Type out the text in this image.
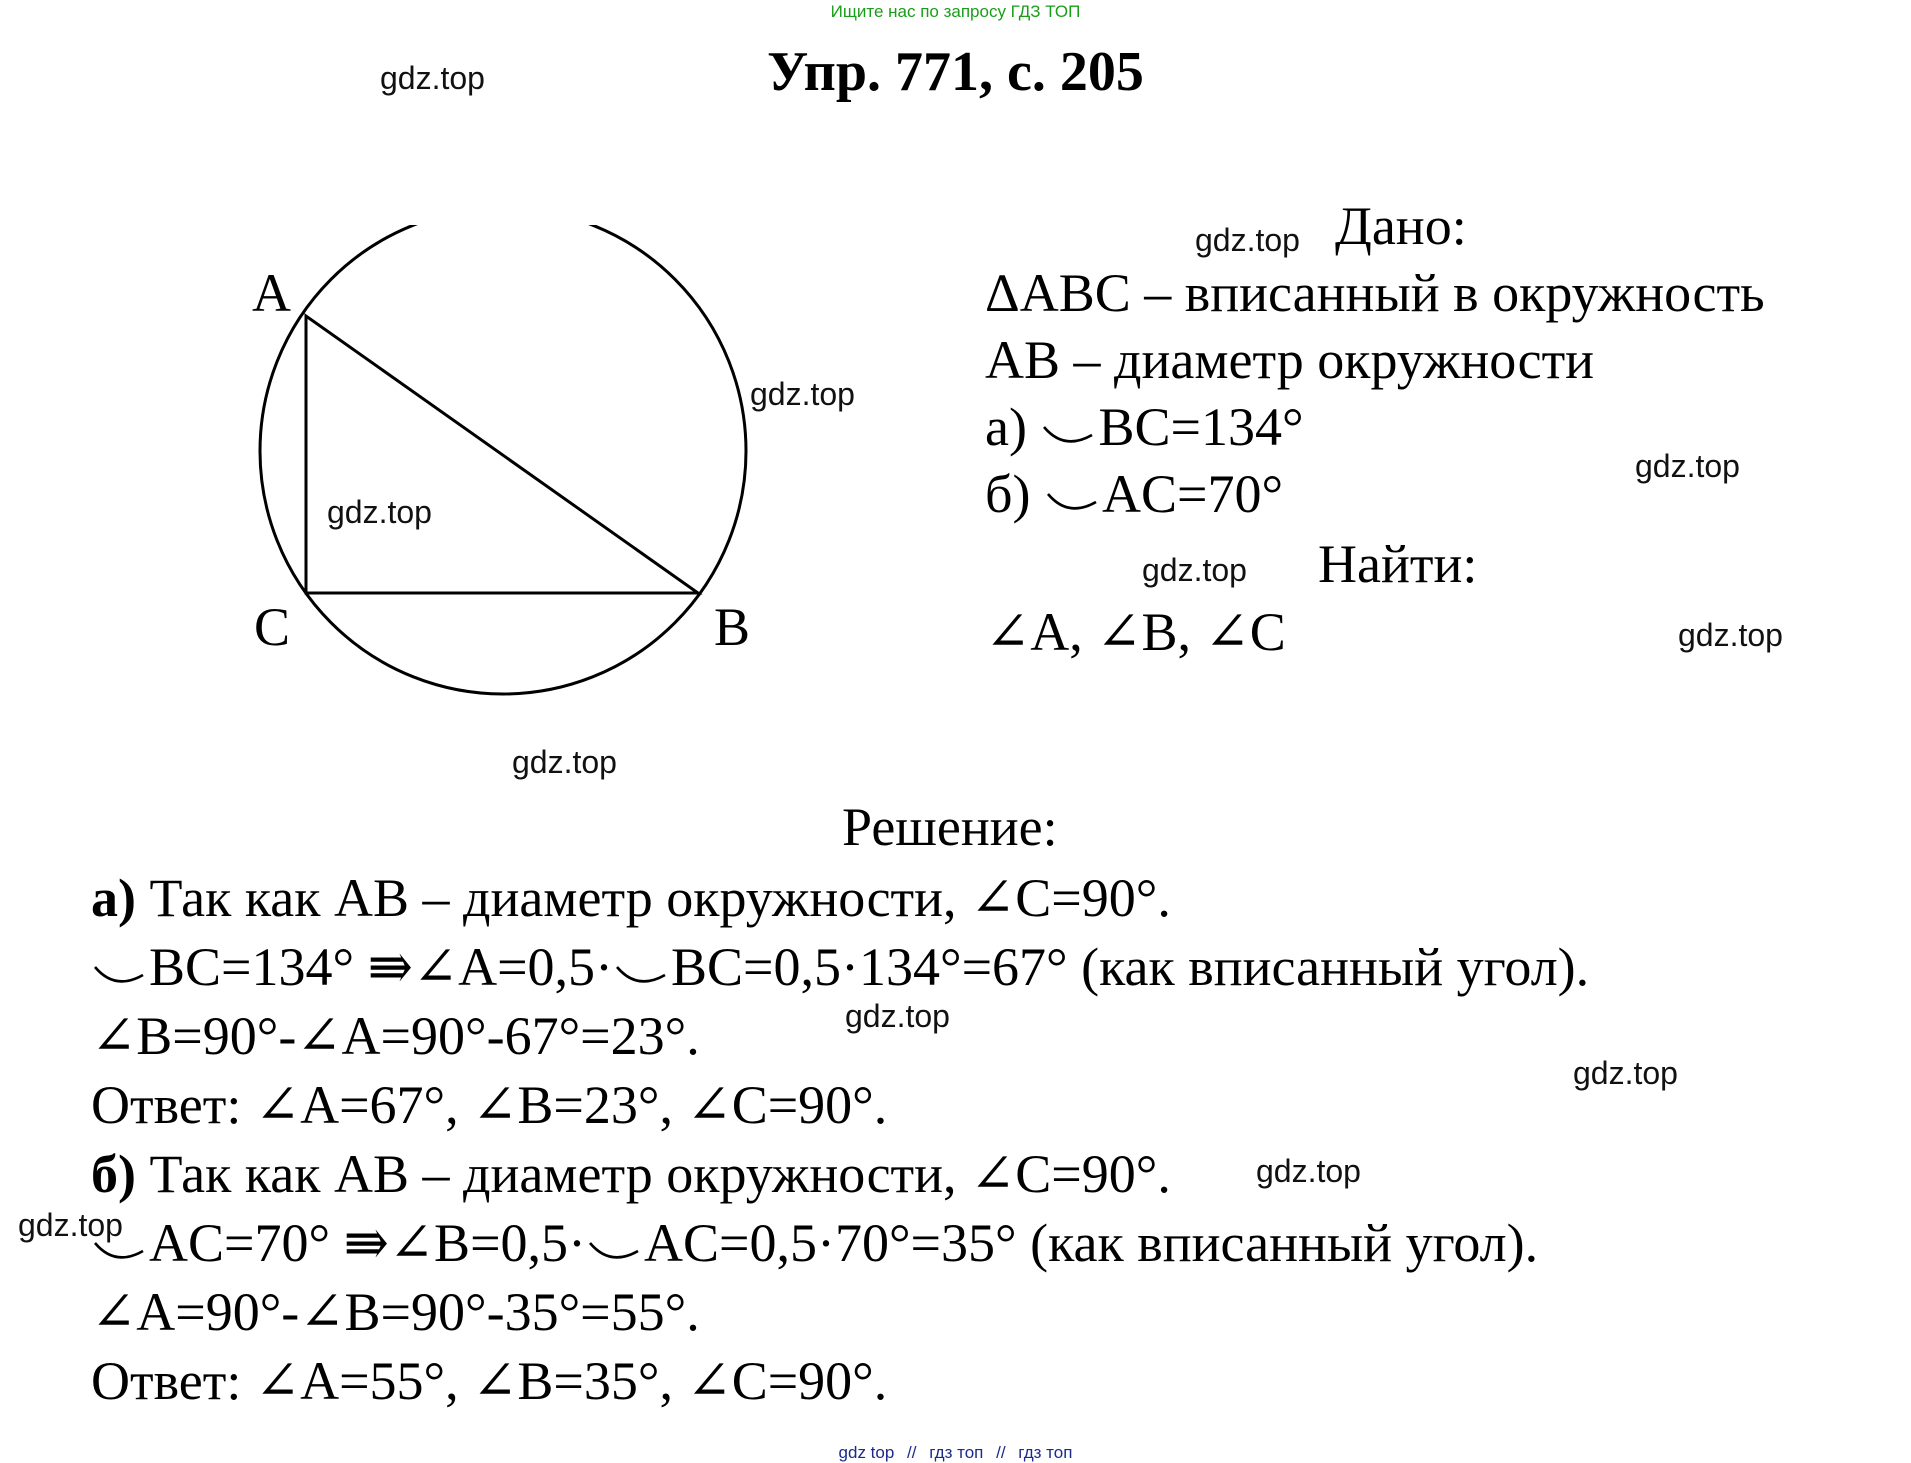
Ищите нас по запросу ГДЗ ТОП
Упр. 771, с. 205
gdz.top
gdz.top
gdz.top
gdz.top
gdz.top
gdz.top
gdz.top
gdz.top
gdz.top
gdz.top
gdz.top
gdz.top
A
C	B
Дано:
ΔABC – вписанный в окружность
AB – диаметр окружности
а) BC=134°
б) AC=70°
Найти:
∠A, ∠B, ∠C
Решение:
а) Так как AB – диаметр окружности, ∠C=90°.
BC=134° ⇛∠A=0,5· BC=0,5·134°=67° (как вписанный угол).
∠B=90°-∠A=90°-67°=23°.
Ответ: ∠A=67°, ∠B=23°, ∠C=90°.
б) Так как AB – диаметр окружности, ∠C=90°.
AC=70° ⇛∠B=0,5· AC=0,5·70°=35° (как вписанный угол).
∠A=90°-∠B=90°-35°=55°.
Ответ: ∠A=55°, ∠B=35°, ∠C=90°.
gdz top // гдз топ // гдз топ
